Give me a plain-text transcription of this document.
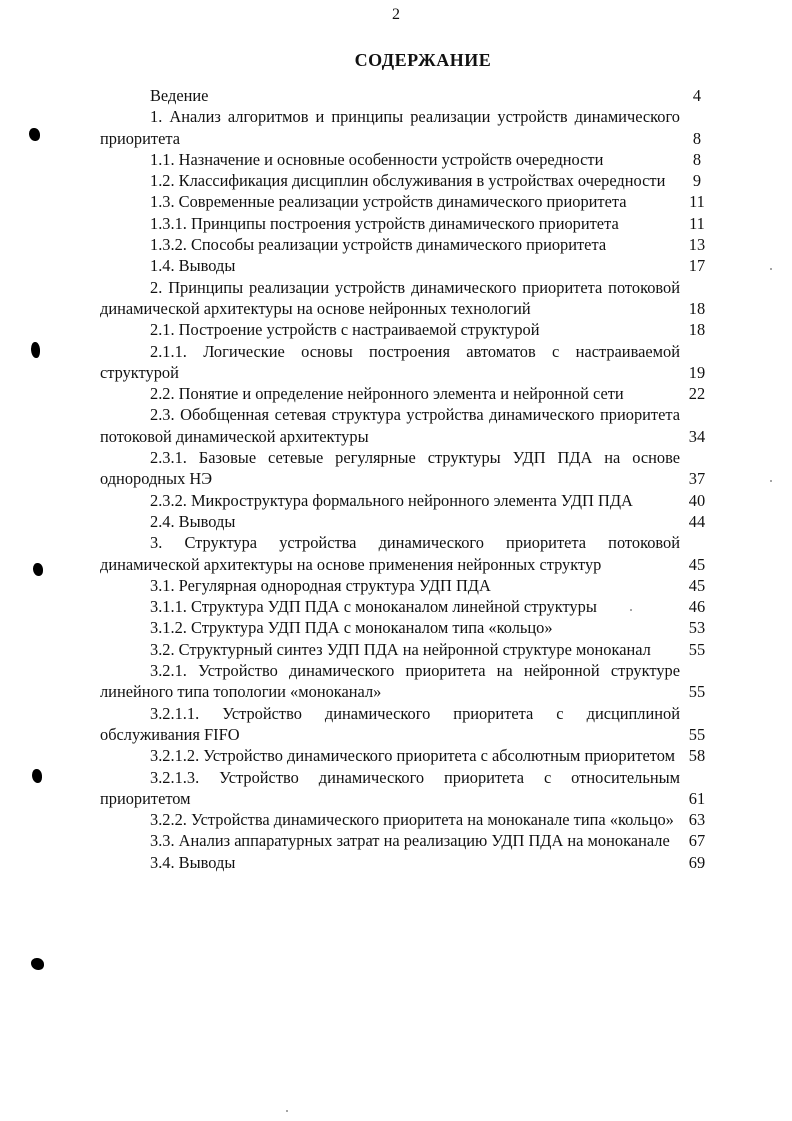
2
СОДЕРЖАНИЕ
Ведение	4
1. Анализ алгоритмов и принципы реализации устройств динамического приоритета	8
1.1. Назначение и основные особенности устройств очередности	8
1.2. Классификация дисциплин обслуживания в устройствах очередности	9
1.3. Современные реализации устройств динамического приоритета	11
1.3.1. Принципы построения устройств динамического приоритета	11
1.3.2. Способы реализации устройств динамического приоритета	13
1.4. Выводы	17
2. Принципы реализации устройств динамического приоритета потоковой динамической архитектуры на основе нейронных технологий	18
2.1. Построение устройств с настраиваемой структурой	18
2.1.1. Логические основы построения автоматов с настраиваемой структурой	19
2.2. Понятие и определение нейронного элемента и нейронной сети	22
2.3. Обобщенная сетевая структура устройства динамического приоритета потоковой динамической архитектуры	34
2.3.1. Базовые сетевые регулярные структуры УДП ПДА на основе однородных НЭ	37
2.3.2. Микроструктура формального нейронного элемента УДП ПДА	40
2.4. Выводы	44
3. Структура устройства динамического приоритета потоковой динамической архитектуры на основе применения нейронных структур	45
3.1. Регулярная однородная структура УДП ПДА	45
3.1.1. Структура УДП ПДА с моноканалом линейной структуры	46
3.1.2. Структура УДП ПДА с моноканалом типа «кольцо»	53
3.2. Структурный синтез УДП ПДА на нейронной структуре моноканал	55
3.2.1. Устройство динамического приоритета на нейронной структуре линейного типа топологии «моноканал»	55
3.2.1.1. Устройство динамического приоритета с дисциплиной обслуживания FIFO	55
3.2.1.2. Устройство динамического приоритета с абсолютным приоритетом 58
3.2.1.3. Устройство динамического приоритета с относительным приоритетом	61
3.2.2. Устройства динамического приоритета на моноканале типа «кольцо» 63
3.3. Анализ аппаратурных затрат на реализацию УДП ПДА на моноканале	67
3.4. Выводы	69
